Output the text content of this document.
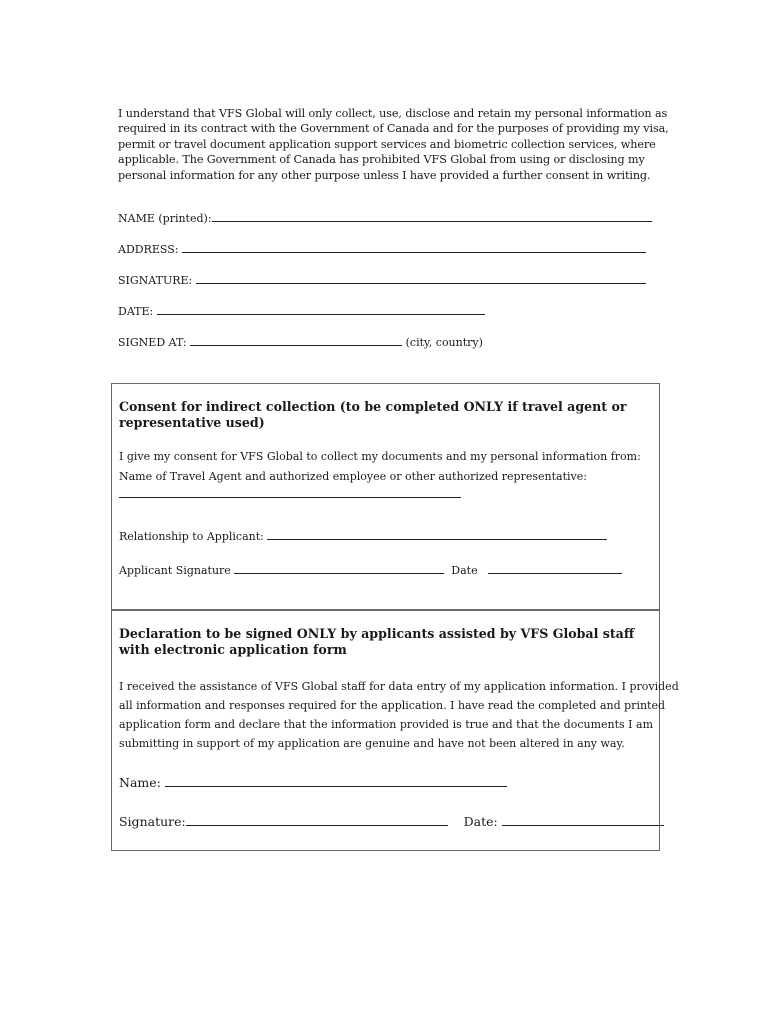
I understand that VFS Global will only collect, use, disclose and retain my personal information as required in its contract with the Government of Canada and for the purposes of providing my visa, permit or travel document application support services and biometric collection services, where applicable. The Government of Canada has prohibited VFS Global from using or disclosing my personal information for any other purpose unless I have provided a further consent in writing.
NAME (printed):
ADDRESS:
SIGNATURE:
DATE:
SIGNED AT:	(city, country)
Consent for indirect collection (to be completed ONLY if travel agent or representative used)
I give my consent for VFS Global to collect my documents and my personal information from:
Name of Travel Agent and authorized employee or other authorized representative:
Relationship to Applicant:
Applicant Signature	Date
Declaration to be signed ONLY by applicants assisted by VFS Global staff with electronic application form
I received the assistance of VFS Global staff for data entry of my application information. I provided
all information and responses required for the application. I have read the completed and printed
application form and declare that the information provided is true and that the documents I am
submitting in support of my application are genuine and have not been altered in any way.
Name:
Signature:	Date:
